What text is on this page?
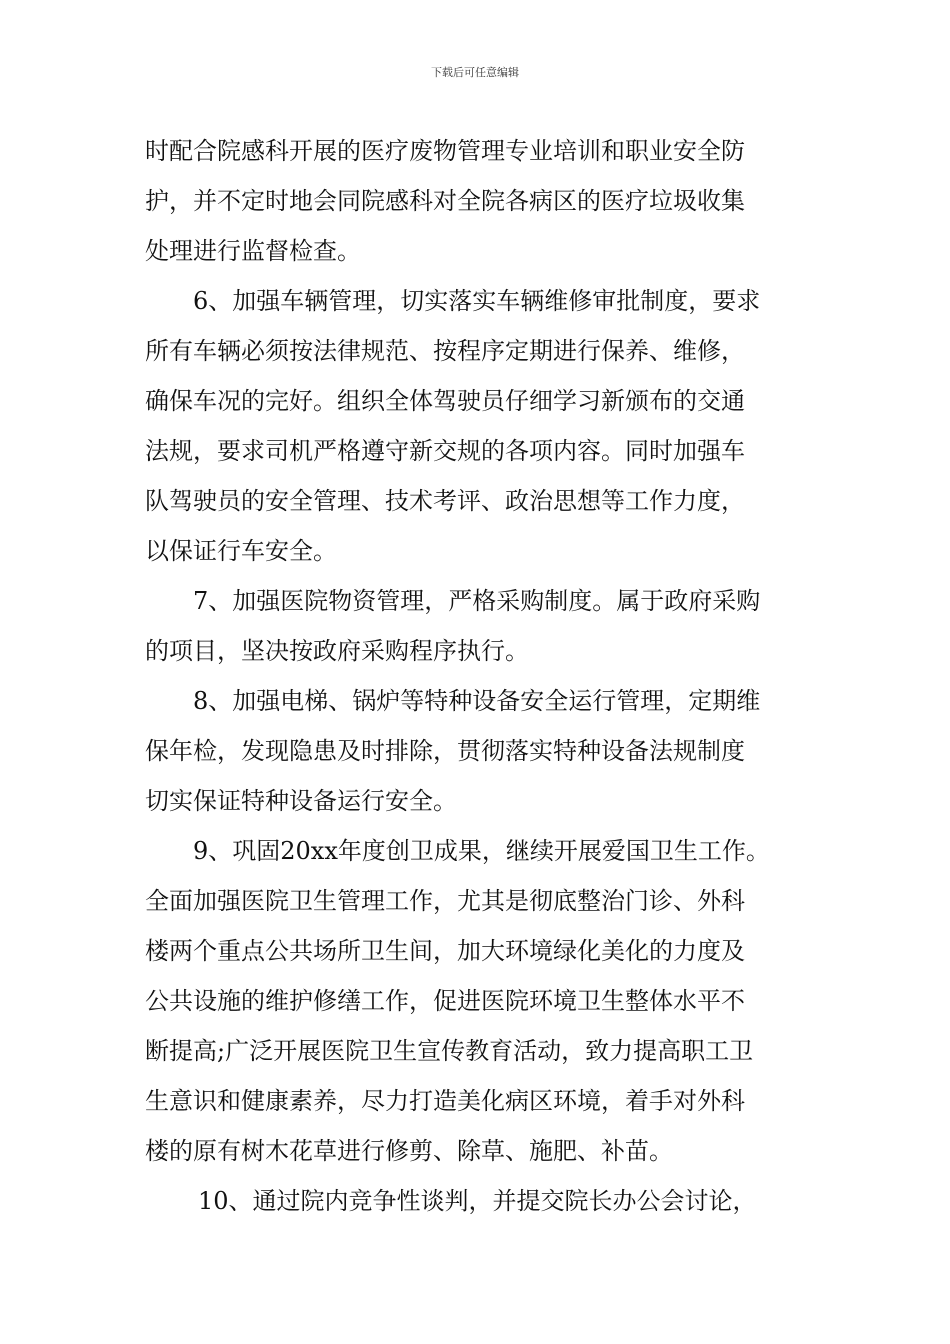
下载后可任意编辑
时配合院感科开展的医疗废物管理专业培训和职业安全防
护，并不定时地会同院感科对全院各病区的医疗垃圾收集
处理进行监督检查。
6、加强车辆管理，切实落实车辆维修审批制度，要求
所有车辆必须按法律规范、按程序定期进行保养、维修，
确保车况的完好。组织全体驾驶员仔细学习新颁布的交通
法规，要求司机严格遵守新交规的各项内容。同时加强车
队驾驶员的安全管理、技术考评、政治思想等工作力度，
以保证行车安全。
7、加强医院物资管理，严格采购制度。属于政府采购
的项目，坚决按政府采购程序执行。
8、加强电梯、锅炉等特种设备安全运行管理，定期维
保年检，发现隐患及时排除，贯彻落实特种设备法规制度
切实保证特种设备运行安全。
9、巩固20xx年度创卫成果，继续开展爱国卫生工作。
全面加强医院卫生管理工作，尤其是彻底整治门诊、外科
楼两个重点公共场所卫生间，加大环境绿化美化的力度及
公共设施的维护修缮工作，促进医院环境卫生整体水平不
断提高;广泛开展医院卫生宣传教育活动，致力提高职工卫
生意识和健康素养，尽力打造美化病区环境，着手对外科
楼的原有树木花草进行修剪、除草、施肥、补苗。
10、通过院内竞争性谈判，并提交院长办公会讨论，
